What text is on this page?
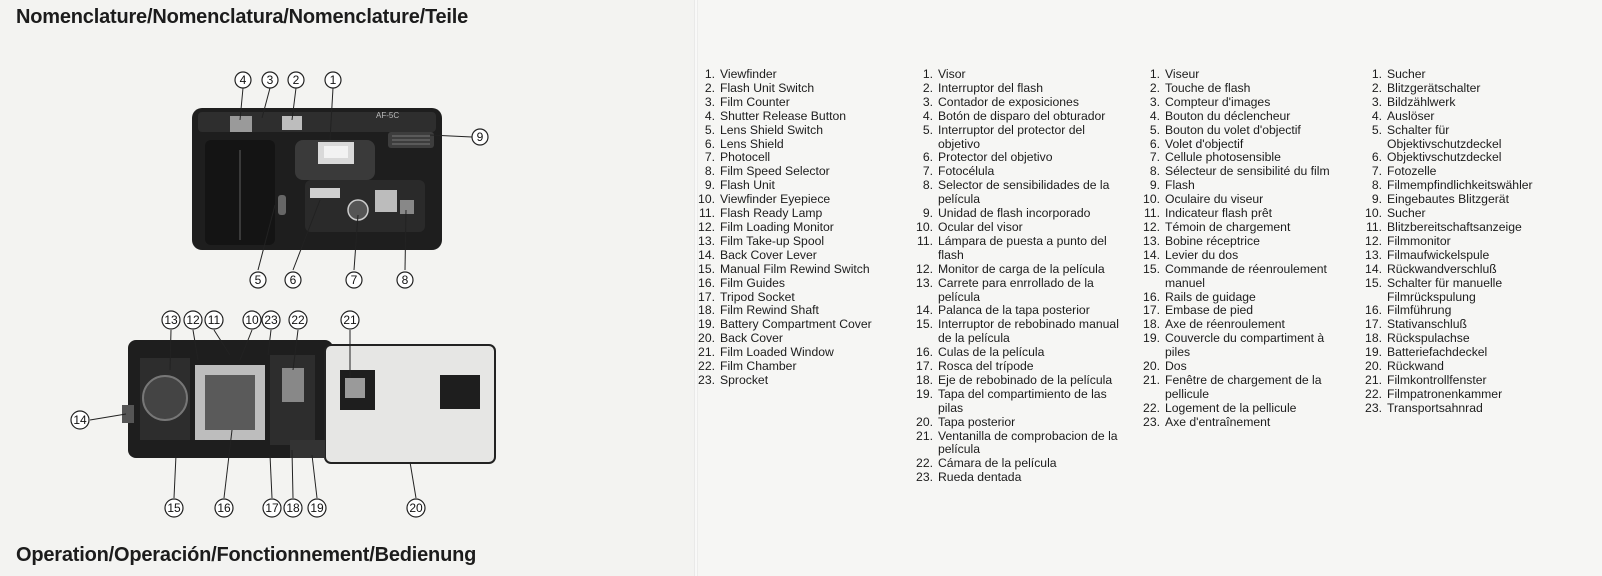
Nomenclature/Nomenclatura/Nomenclature/Teile
Operation/Operación/Fonctionnement/Bedienung
AF-5C
1
2
3
4
9
5 6	7	8
13 12 11 10 23 22	21
14
15	16	17 18 19	20
1. Viewfinder
2. Flash Unit Switch
3. Film Counter
4. Shutter Release Button
5. Lens Shield Switch
6. Lens Shield
7. Photocell
8. Film Speed Selector
9. Flash Unit
10. Viewfinder Eyepiece
11. Flash Ready Lamp
12. Film Loading Monitor
13. Film Take-up Spool
14. Back Cover Lever
15. Manual Film Rewind Switch
16. Film Guides
17. Tripod Socket
18. Film Rewind Shaft
19. Battery Compartment Cover
20. Back Cover
21. Film Loaded Window
22. Film Chamber
23. Sprocket
1. Visor
2. Interruptor del flash
3. Contador de exposiciones
4. Botón de disparo del obturador
5. Interruptor del protector del objetivo
6. Protector del objetivo
7. Fotocélula
8. Selector de sensibilidades de la película
9. Unidad de flash incorporado
10. Ocular del visor
11. Lámpara de puesta a punto del flash
12. Monitor de carga de la película
13. Carrete para enrrollado de la película
14. Palanca de la tapa posterior
15. Interruptor de rebobinado manual de la película
16. Culas de la película
17. Rosca del trípode
18. Eje de rebobinado de la película
19. Tapa del compartimiento de las pilas
20. Tapa posterior
21. Ventanilla de comprobacion de la película
22. Cámara de la película
23. Rueda dentada
1. Viseur
2. Touche de flash
3. Compteur d'images
4. Bouton du déclencheur
5. Bouton du volet d'objectif
6. Volet d'objectif
7. Cellule photosensible
8. Sélecteur de sensibilité du film
9. Flash
10. Oculaire du viseur
11. Indicateur flash prêt
12. Témoin de chargement
13. Bobine réceptrice
14. Levier du dos
15. Commande de réenroulement manuel
16. Rails de guidage
17. Embase de pied
18. Axe de réenroulement
19. Couvercle du compartiment à piles
20. Dos
21. Fenêtre de chargement de la pellicule
22. Logement de la pellicule
23. Axe d'entraînement
1. Sucher
2. Blitzgerätschalter
3. Bildzählwerk
4. Auslöser
5. Schalter für Objektivschutzdeckel
6. Objektivschutzdeckel
7. Fotozelle
8. Filmempfindlichkeitswähler
9. Eingebautes Blitzgerät
10. Sucher
11. Blitzbereitschaftsanzeige
12. Filmmonitor
13. Filmaufwickelspule
14. Rückwandverschluß
15. Schalter für manuelle Filmrückspulung
16. Filmführung
17. Stativanschluß
18. Rückspulachse
19. Batteriefachdeckel
20. Rückwand
21. Filmkontrollfenster
22. Filmpatronenkammer
23. Transportsahnrad
